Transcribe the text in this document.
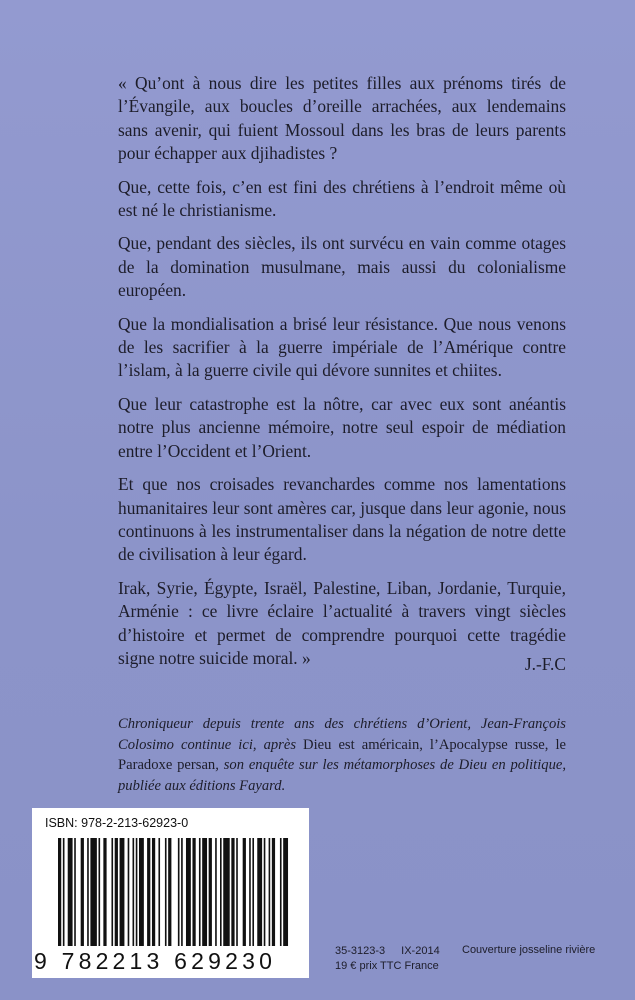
« Qu’ont à nous dire les petites filles aux prénoms tirés de l’Évangile, aux boucles d’oreille arrachées, aux lendemains sans avenir, qui fuient Mossoul dans les bras de leurs parents pour échapper aux djihadistes ?

Que, cette fois, c’en est fini des chrétiens à l’endroit même où est né le christianisme.

Que, pendant des siècles, ils ont survécu en vain comme otages de la domination musulmane, mais aussi du colonialisme européen.

Que la mondialisation a brisé leur résistance. Que nous venons de les sacrifier à la guerre impériale de l’Amérique contre l’islam, à la guerre civile qui dévore sunnites et chiites.

Que leur catastrophe est la nôtre, car avec eux sont anéantis notre plus ancienne mémoire, notre seul espoir de médiation entre l’Occident et l’Orient.

Et que nos croisades revanchardes comme nos lamentations humanitaires leur sont amères car, jusque dans leur agonie, nous continuons à les instrumentaliser dans la négation de notre dette de civilisation à leur égard.

Irak, Syrie, Égypte, Israël, Palestine, Liban, Jordanie, Turquie, Arménie : ce livre éclaire l’actualité à travers vingt siècles d’histoire et permet de comprendre pourquoi cette tragédie signe notre suicide moral. »	J.-F.C
Chroniqueur depuis trente ans des chrétiens d’Orient, Jean-François Colosimo continue ici, après Dieu est américain, l’Apocalypse russe, le Paradoxe persan, son enquête sur les métamorphoses de Dieu en politique, publiée aux éditions Fayard.
ISBN: 978-2-213-62923-0
9 782213 629230	35-3123-3 IX-2014
19 € prix TTC France
Couverture josseline rivière
